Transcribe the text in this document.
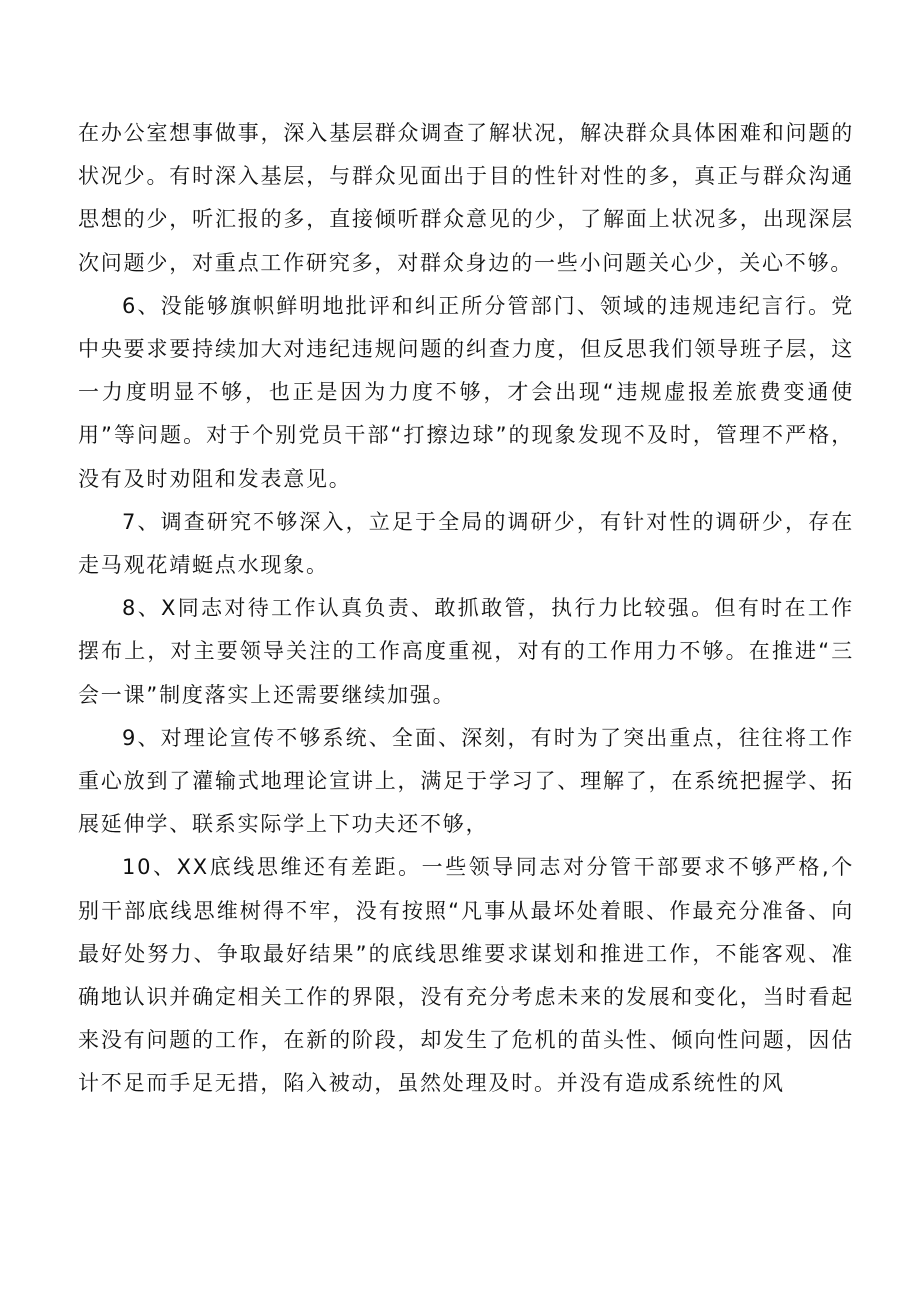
在办公室想事做事，深入基层群众调查了解状况，解决群众具体困难和问题的状况少。有时深入基层，与群众见面出于目的性针对性的多，真正与群众沟通思想的少，听汇报的多，直接倾听群众意见的少，了解面上状况多，出现深层次问题少，对重点工作研究多，对群众身边的一些小问题关心少，关心不够。

6、没能够旗帜鲜明地批评和纠正所分管部门、领域的违规违纪言行。党中央要求要持续加大对违纪违规问题的纠查力度，但反思我们领导班子层，这一力度明显不够，也正是因为力度不够，才会出现“违规虚报差旅费变通使用”等问题。对于个别党员干部“打擦边球”的现象发现不及时，管理不严格，没有及时劝阻和发表意见。

7、调查研究不够深入，立足于全局的调研少，有针对性的调研少，存在走马观花靖蜓点水现象。

8、X同志对待工作认真负责、敢抓敢管，执行力比较强。但有时在工作摆布上，对主要领导关注的工作高度重视，对有的工作用力不够。在推进“三会一课”制度落实上还需要继续加强。

9、对理论宣传不够系统、全面、深刻，有时为了突出重点，往往将工作重心放到了灌输式地理论宣讲上，满足于学习了、理解了，在系统把握学、拓展延伸学、联系实际学上下功夫还不够，

10、XX底线思维还有差距。一些领导同志对分管干部要求不够严格,个别干部底线思维树得不牢，没有按照“凡事从最坏处着眼、作最充分准备、向最好处努力、争取最好结果”的底线思维要求谋划和推进工作，不能客观、准确地认识并确定相关工作的界限，没有充分考虑未来的发展和变化，当时看起来没有问题的工作，在新的阶段，却发生了危机的苗头性、倾向性问题，因估计不足而手足无措，陷入被动，虽然处理及时。并没有造成系统性的风
